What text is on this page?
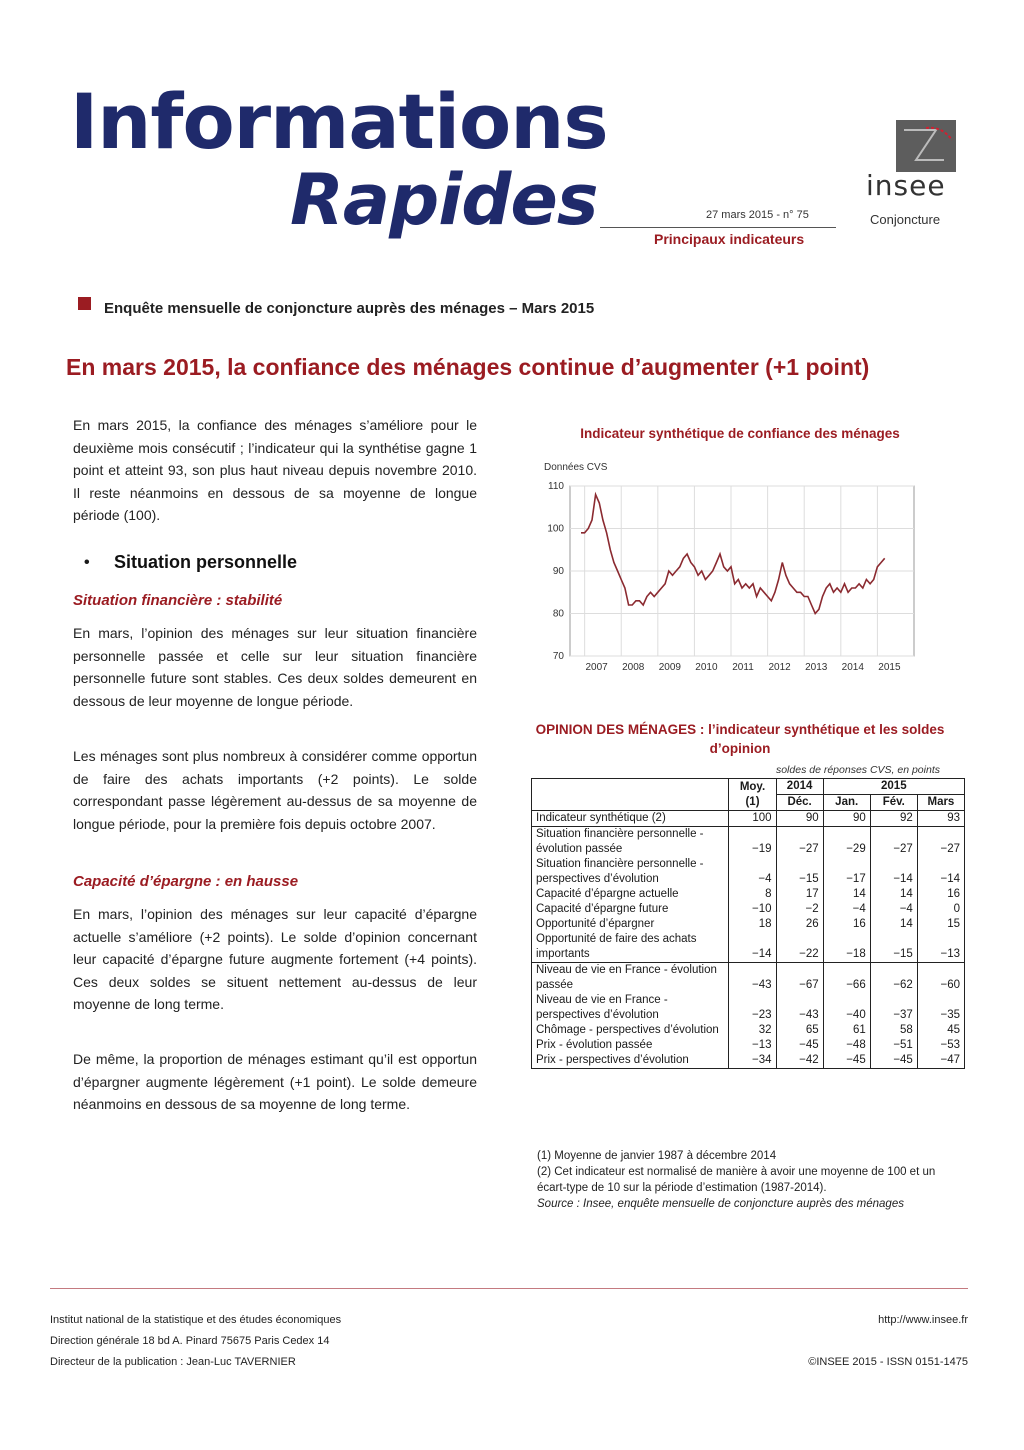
Informations
Rapides	27 mars 2015 - n° 75
Principaux indicateurs
insee
Conjoncture
Enquête mensuelle de conjoncture auprès des ménages – Mars 2015
En mars 2015, la confiance des ménages continue d’augmenter (+1 point)
En mars 2015, la confiance des ménages s’améliore pour le deuxième mois consécutif ; l’indicateur qui la synthétise gagne 1 point et atteint 93, son plus haut niveau depuis novembre 2010. Il reste néanmoins en dessous de sa moyenne de longue période (100).
• Situation personnelle
Situation financière : stabilité
En mars, l’opinion des ménages sur leur situation financière personnelle passée et celle sur leur situation financière personnelle future sont stables. Ces deux soldes demeurent en dessous de leur moyenne de longue période.
Les ménages sont plus nombreux à considérer comme opportun de faire des achats importants (+2 points). Le solde correspondant passe légèrement au-dessus de sa moyenne de longue période, pour la première fois depuis octobre 2007.
Capacité d’épargne : en hausse
En mars, l’opinion des ménages sur leur capacité d’épargne actuelle s’améliore (+2 points). Le solde d’opinion concernant leur capacité d’épargne future augmente fortement (+4 points). Ces deux soldes se situent nettement au-dessus de leur moyenne de long terme.
De même, la proportion de ménages estimant qu’il est opportun d’épargner augmente légèrement (+1 point). Le solde demeure néanmoins en dessous de sa moyenne de long terme.
Indicateur synthétique de confiance des ménages
Données CVS
70
80
90
100
110
2007 2008 2009 2010 2011 2012 2013 2014 2015
OPINION DES MÉNAGES : l’indicateur synthétique et les soldes d’opinion
soldes de réponses CVS, en points
	Moy. (1)	2014	2015		
		Déc.	Jan.	Fév.	Mars
Indicateur synthétique (2)	100	90	90	92	93
Situation financière personnelle - évolution passée	−19	−27	−29	−27	−27
Situation financière personnelle - perspectives d’évolution	−4	−15	−17	−14	−14
Capacité d’épargne actuelle	8	17	14	14	16
Capacité d’épargne future	−10	−2	−4	−4	0
Opportunité d’épargner	18	26	16	14	15
Opportunité de faire des achats importants	−14	−22	−18	−15	−13
Niveau de vie en France - évolution passée	−43	−67	−66	−62	−60
Niveau de vie en France - perspectives d’évolution	−23	−43	−40	−37	−35
Chômage - perspectives d’évolution	32	65	61	58	45
Prix - évolution passée	−13	−45	−48	−51	−53
Prix - perspectives d’évolution	−34	−42	−45	−45	−47
(1) Moyenne de janvier 1987 à décembre 2014
(2) Cet indicateur est normalisé de manière à avoir une moyenne de 100 et un écart-type de 10 sur la période d’estimation (1987-2014).
Source : Insee, enquête mensuelle de conjoncture auprès des ménages
Institut national de la statistique et des études économiques
Direction générale 18 bd A. Pinard 75675 Paris Cedex 14
Directeur de la publication : Jean-Luc TAVERNIER
http://www.insee.fr
©INSEE 2015 - ISSN 0151-1475
